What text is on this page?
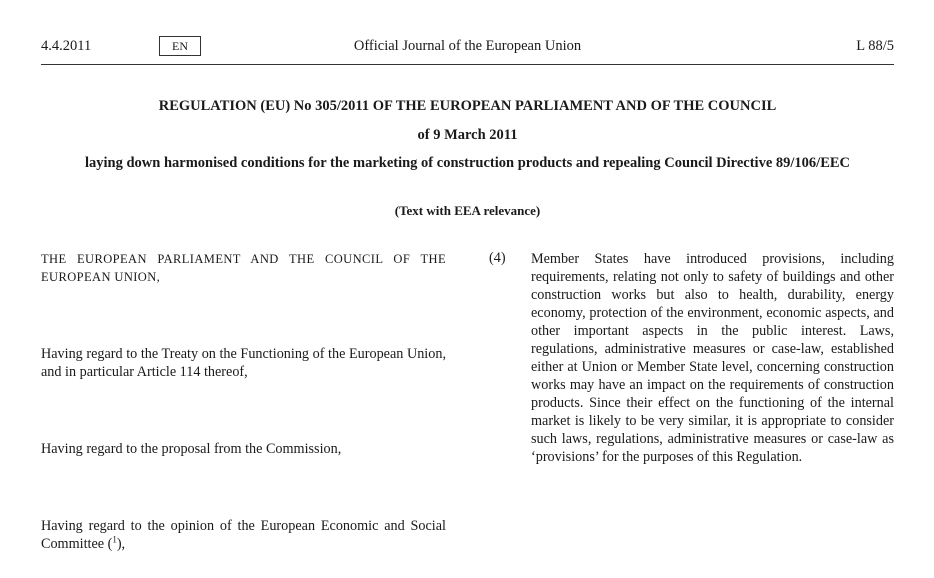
Official Journal of the European Union
4.4.2011	EN	L 88/5
REGULATION (EU) No 305/2011 OF THE EUROPEAN PARLIAMENT AND OF THE COUNCIL
of 9 March 2011
laying down harmonised conditions for the marketing of construction products and repealing Council Directive 89/106/EEC
(Text with EEA relevance)
THE EUROPEAN PARLIAMENT AND THE COUNCIL OF THE EUROPEAN UNION,
Having regard to the Treaty on the Functioning of the European Union, and in particular Article 114 thereof,
Having regard to the proposal from the Commission,
Having regard to the opinion of the European Economic and Social Committee ($^1$),
(4) Member States have introduced provisions, including requirements, relating not only to safety of buildings and other construction works but also to health, durability, energy economy, protection of the environment, economic aspects, and other important aspects in the public interest. Laws, regulations, administrative measures or case-law, established either at Union or Member State level, concerning construction works may have an impact on the requirements of construction products. Since their effect on the functioning of the internal market is likely to be very similar, it is appropriate to consider such laws, regulations, administrative measures or case-law as ‘provisions’ for the purposes of this Regulation.
